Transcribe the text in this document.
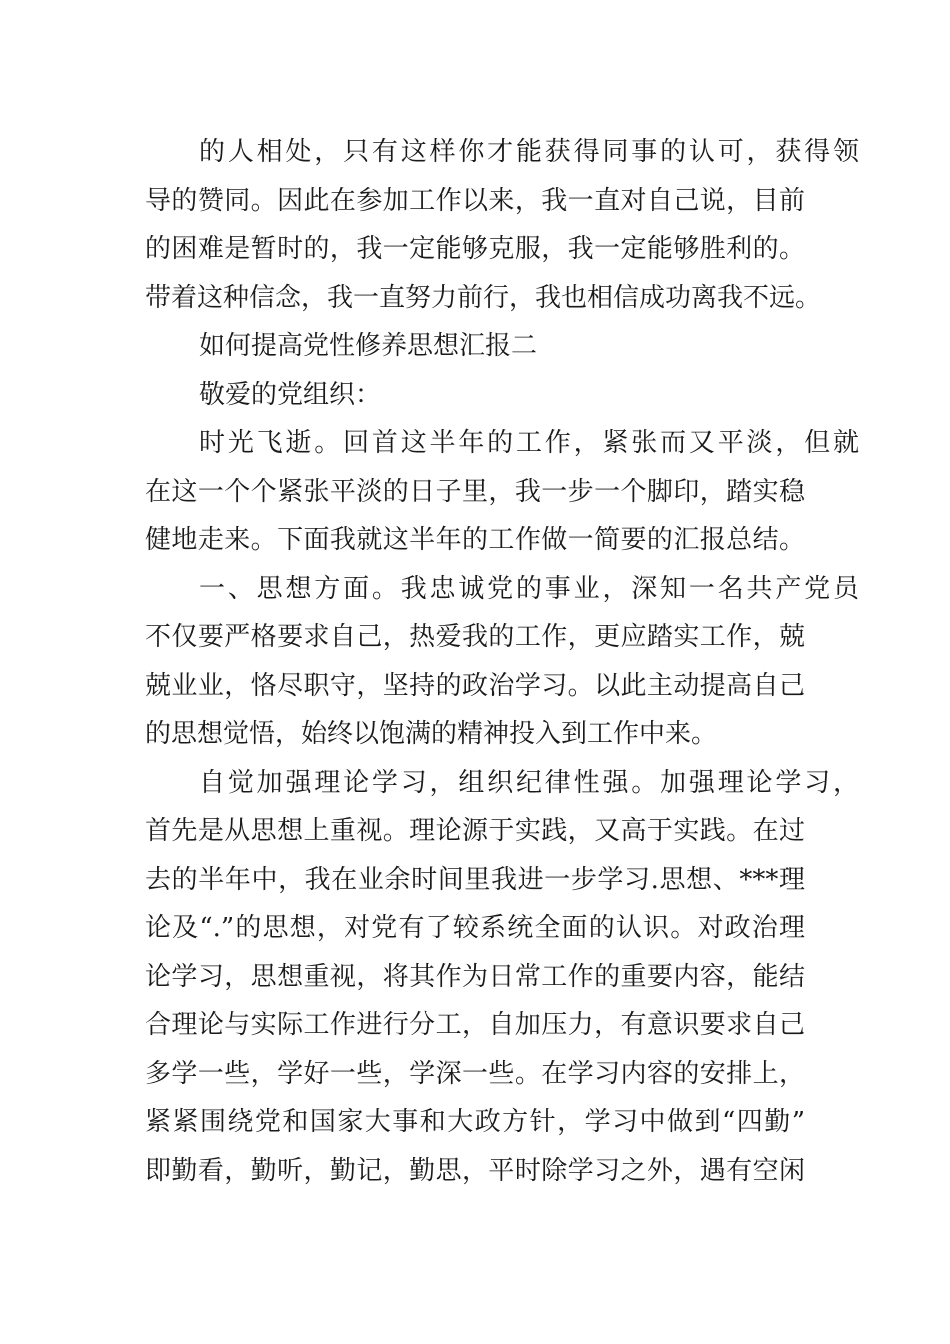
的人相处，只有这样你才能获得同事的认可，获得领
导的赞同。因此在参加工作以来，我一直对自己说，目前
的困难是暂时的，我一定能够克服，我一定能够胜利的。
带着这种信念，我一直努力前行，我也相信成功离我不远。
如何提高党性修养思想汇报二
敬爱的党组织：
时光飞逝。回首这半年的工作，紧张而又平淡，但就
在这一个个紧张平淡的日子里，我一步一个脚印，踏实稳
健地走来。下面我就这半年的工作做一简要的汇报总结。
一、思想方面。我忠诚党的事业，深知一名共产党员
不仅要严格要求自己，热爱我的工作，更应踏实工作，兢
兢业业，恪尽职守，坚持的政治学习。以此主动提高自己
的思想觉悟，始终以饱满的精神投入到工作中来。
自觉加强理论学习，组织纪律性强。加强理论学习，
首先是从思想上重视。理论源于实践，又高于实践。在过
去的半年中，我在业余时间里我进一步学习.思想、***理
论及“.”的思想，对党有了较系统全面的认识。对政治理
论学习，思想重视，将其作为日常工作的重要内容，能结
合理论与实际工作进行分工，自加压力，有意识要求自己
多学一些，学好一些，学深一些。在学习内容的安排上，
紧紧围绕党和国家大事和大政方针，学习中做到“四勤”
即勤看，勤听，勤记，勤思，平时除学习之外，遇有空闲
